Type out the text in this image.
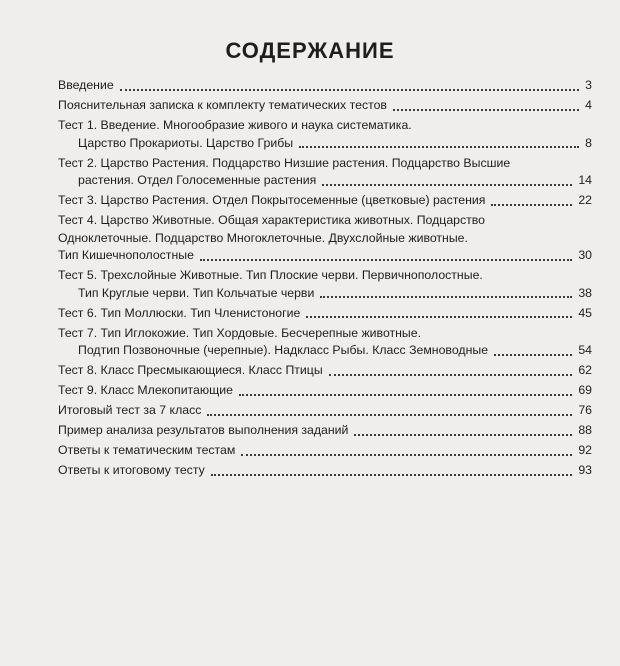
СОДЕРЖАНИЕ
Введение	3
Пояснительная записка к комплекту тематических тестов	4
Тест 1. Введение. Многообразие живого и наука систематика.
Царство Прокариоты. Царство Грибы	8
Тест 2. Царство Растения. Подцарство Низшие растения. Подцарство Высшие
растения. Отдел Голосеменные растения	14
Тест 3. Царство Растения. Отдел Покрытосеменные (цветковые) растения	22
Тест 4. Царство Животные. Общая характеристика животных. Подцарство
Одноклеточные. Подцарство Многоклеточные. Двухслойные животные.
Тип Кишечнополостные	30
Тест 5. Трехслойные Животные. Тип Плоские черви. Первичнополостные.
Тип Круглые черви. Тип Кольчатые черви	38
Тест 6. Тип Моллюски. Тип Членистоногие	45
Тест 7. Тип Иглокожие. Тип Хордовые. Бесчерепные животные.
Подтип Позвоночные (черепные). Надкласс Рыбы. Класс Земноводные	54
Тест 8. Класс Пресмыкающиеся. Класс Птицы	62
Тест 9. Класс Млекопитающие	69
Итоговый тест за 7 класс	76
Пример анализа результатов выполнения заданий	88
Ответы к тематическим тестам	92
Ответы к итоговому тесту	93
